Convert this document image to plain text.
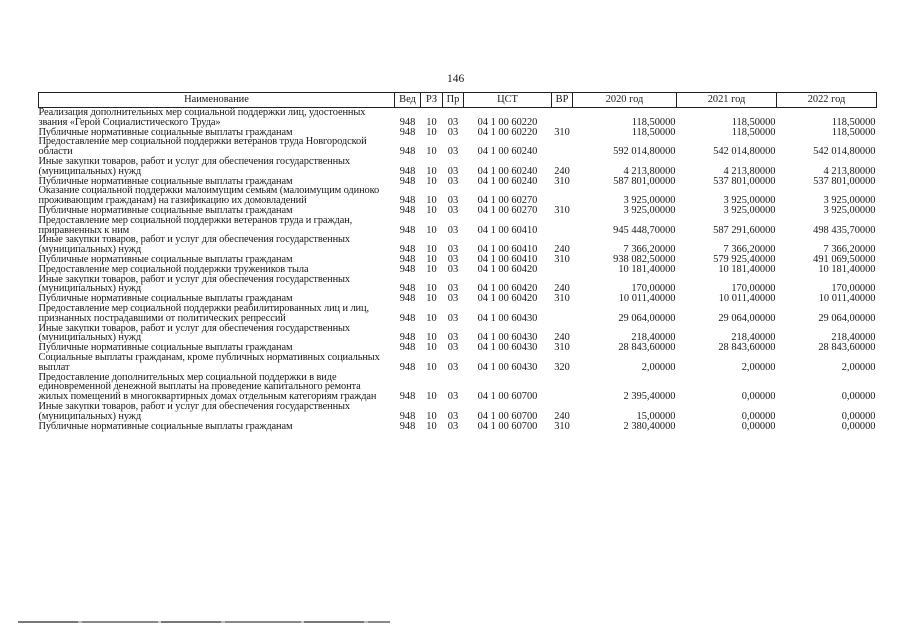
146
Наименование	Вед	РЗ	Пр	ЦСТ	ВР	2020 год	2021 год	2022 год
Реализация дополнительных мер социальной поддержки лиц, удостоенных звания «Герой Социалистического Труда»	948	10	03	04 1 00 60220		118,50000	118,50000	118,50000
Публичные нормативные социальные выплаты гражданам	948	10	03	04 1 00 60220	310	118,50000	118,50000	118,50000
Предоставление мер социальной поддержки ветеранов труда Новгородской области	948	10	03	04 1 00 60240		592 014,80000	542 014,80000	542 014,80000
Иные закупки товаров, работ и услуг для обеспечения государственных (муниципальных) нужд	948	10	03	04 1 00 60240	240	4 213,80000	4 213,80000	4 213,80000
Публичные нормативные социальные выплаты гражданам	948	10	03	04 1 00 60240	310	587 801,00000	537 801,00000	537 801,00000
Оказание социальной поддержки малоимущим семьям (малоимущим одиноко проживающим гражданам) на газификацию их домовладений	948	10	03	04 1 00 60270		3 925,00000	3 925,00000	3 925,00000
Публичные нормативные социальные выплаты гражданам	948	10	03	04 1 00 60270	310	3 925,00000	3 925,00000	3 925,00000
Предоставление мер социальной поддержки ветеранов труда и граждан, приравненных к ним	948	10	03	04 1 00 60410		945 448,70000	587 291,60000	498 435,70000
Иные закупки товаров, работ и услуг для обеспечения государственных (муниципальных) нужд	948	10	03	04 1 00 60410	240	7 366,20000	7 366,20000	7 366,20000
Публичные нормативные социальные выплаты гражданам	948	10	03	04 1 00 60410	310	938 082,50000	579 925,40000	491 069,50000
Предоставление мер социальной поддержки тружеников тыла	948	10	03	04 1 00 60420		10 181,40000	10 181,40000	10 181,40000
Иные закупки товаров, работ и услуг для обеспечения государственных (муниципальных) нужд	948	10	03	04 1 00 60420	240	170,00000	170,00000	170,00000
Публичные нормативные социальные выплаты гражданам	948	10	03	04 1 00 60420	310	10 011,40000	10 011,40000	10 011,40000
Предоставление мер социальной поддержки реабилитированных лиц и лиц, признанных пострадавшими от политических репрессий	948	10	03	04 1 00 60430		29 064,00000	29 064,00000	29 064,00000
Иные закупки товаров, работ и услуг для обеспечения государственных (муниципальных) нужд	948	10	03	04 1 00 60430	240	218,40000	218,40000	218,40000
Публичные нормативные социальные выплаты гражданам	948	10	03	04 1 00 60430	310	28 843,60000	28 843,60000	28 843,60000
Социальные выплаты гражданам, кроме публичных нормативных социальных выплат	948	10	03	04 1 00 60430	320	2,00000	2,00000	2,00000
Предоставление дополнительных мер социальной поддержки в виде единовременной денежной выплаты на проведение капитального ремонта жилых помещений в многоквартирных домах отдельным категориям граждан	948	10	03	04 1 00 60700		2 395,40000	0,00000	0,00000
Иные закупки товаров, работ и услуг для обеспечения государственных (муниципальных) нужд	948	10	03	04 1 00 60700	240	15,00000	0,00000	0,00000
Публичные нормативные социальные выплаты гражданам	948	10	03	04 1 00 60700	310	2 380,40000	0,00000	0,00000
